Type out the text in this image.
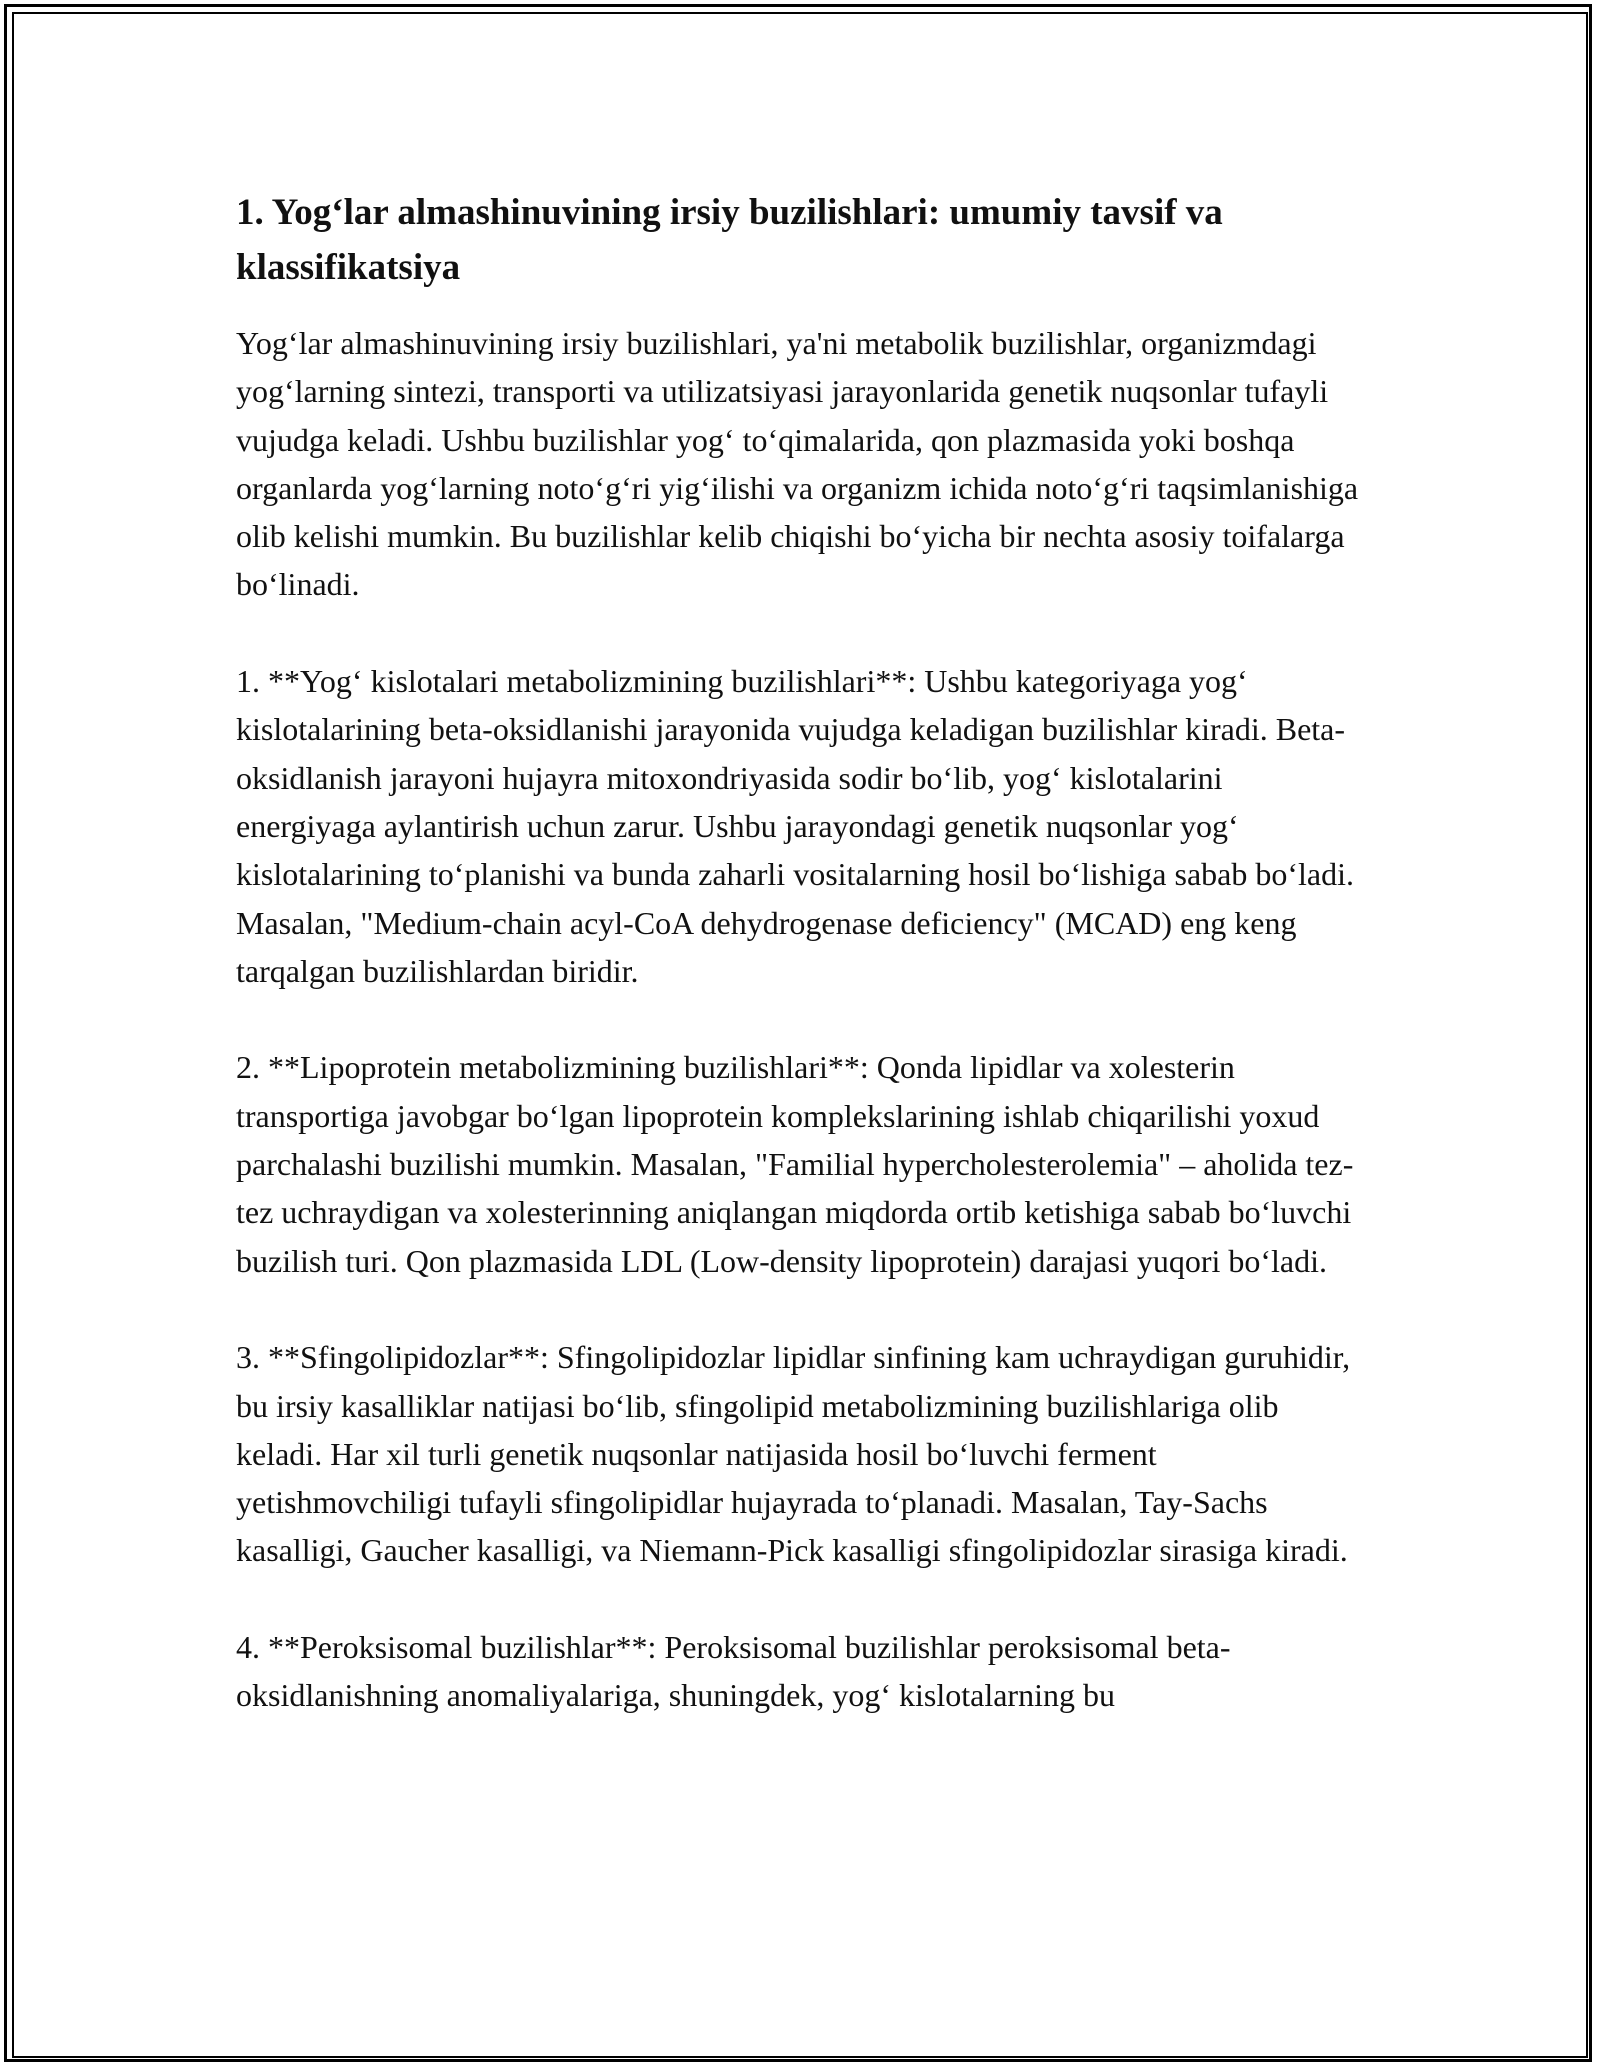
1. Yog‘lar almashinuvining irsiy buzilishlari: umumiy tavsif va klassifikatsiya

Yog‘lar almashinuvining irsiy buzilishlari, ya'ni metabolik buzilishlar, organizmdagi yog‘larning sintezi, transporti va utilizatsiyasi jarayonlarida genetik nuqsonlar tufayli vujudga keladi. Ushbu buzilishlar yog‘ to‘qimalarida, qon plazmasida yoki boshqa organlarda yog‘larning noto‘g‘ri yig‘ilishi va organizm ichida noto‘g‘ri taqsimlanishiga olib kelishi mumkin. Bu buzilishlar kelib chiqishi bo‘yicha bir nechta asosiy toifalarga bo‘linadi.

1. **Yog‘ kislotalari metabolizmining buzilishlari**: Ushbu kategoriyaga yog‘ kislotalarining beta-oksidlanishi jarayonida vujudga keladigan buzilishlar kiradi. Beta-oksidlanish jarayoni hujayra mitoxondriyasida sodir bo‘lib, yog‘ kislotalarini energiyaga aylantirish uchun zarur. Ushbu jarayondagi genetik nuqsonlar yog‘ kislotalarining to‘planishi va bunda zaharli vositalarning hosil bo‘lishiga sabab bo‘ladi. Masalan, "Medium-chain acyl-CoA dehydrogenase deficiency" (MCAD) eng keng tarqalgan buzilishlardan biridir.

2. **Lipoprotein metabolizmining buzilishlari**: Qonda lipidlar va xolesterin transportiga javobgar bo‘lgan lipoprotein komplekslarining ishlab chiqarilishi yoxud parchalashi buzilishi mumkin. Masalan, "Familial hypercholesterolemia" – aholida tez-tez uchraydigan va xolesterinning aniqlangan miqdorda ortib ketishiga sabab bo‘luvchi buzilish turi. Qon plazmasida LDL (Low-density lipoprotein) darajasi yuqori bo‘ladi.

3. **Sfingolipidozlar**: Sfingolipidozlar lipidlar sinfining kam uchraydigan guruhidir, bu irsiy kasalliklar natijasi bo‘lib, sfingolipid metabolizmining buzilishlariga olib keladi. Har xil turli genetik nuqsonlar natijasida hosil bo‘luvchi ferment yetishmovchiligi tufayli sfingolipidlar hujayrada to‘planadi. Masalan, Tay-Sachs kasalligi, Gaucher kasalligi, va Niemann-Pick kasalligi sfingolipidozlar sirasiga kiradi.

4. **Peroksisomal buzilishlar**: Peroksisomal buzilishlar peroksisomal beta-oksidlanishning anomaliyalariga, shuningdek, yog‘ kislotalarning bu
